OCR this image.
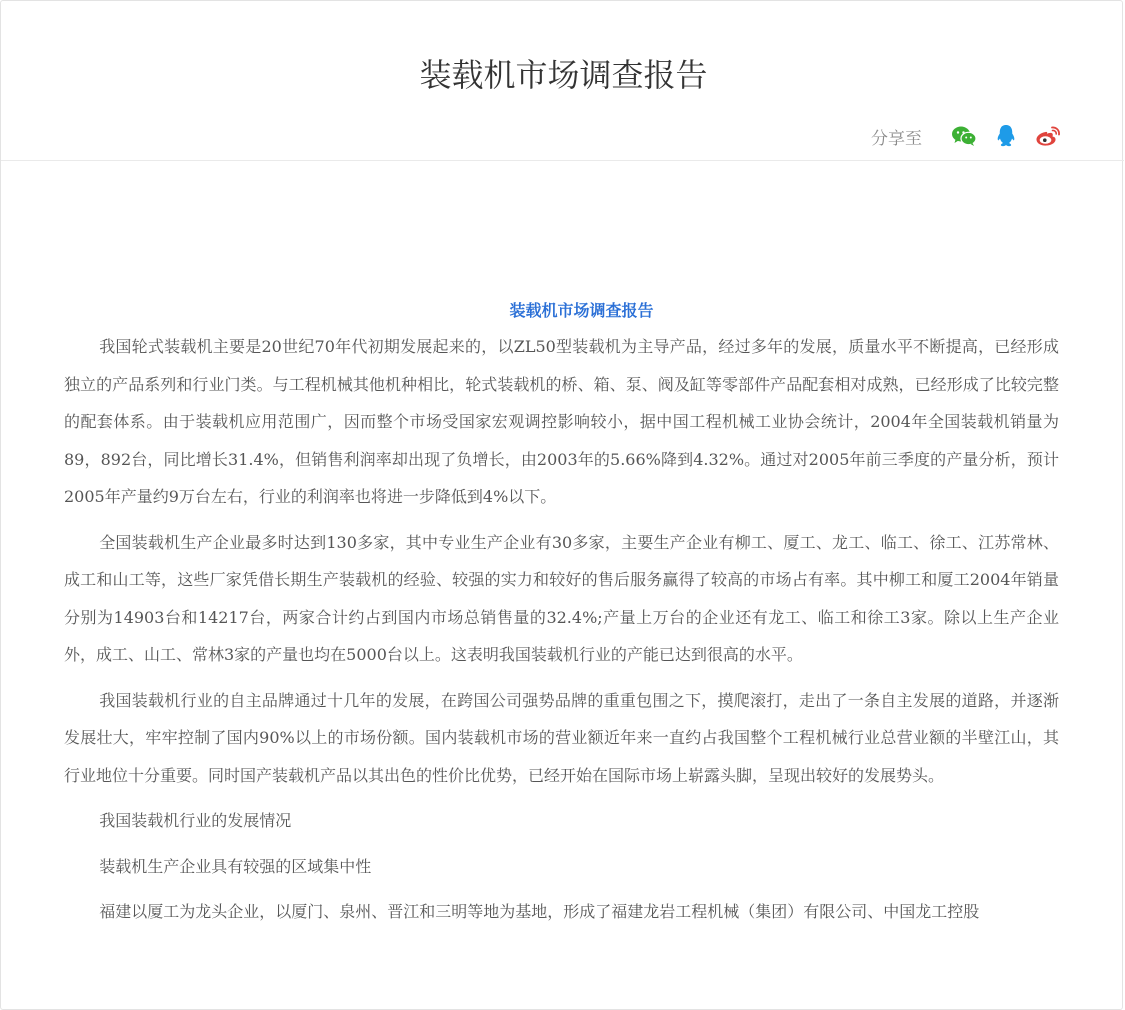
装载机市场调查报告
分享至
装载机市场调查报告

我国轮式装载机主要是20世纪70年代初期发展起来的，以ZL50型装载机为主导产品，经过多年的发展，质量水平不断提高，已经形成独立的产品系列和行业门类。与工程机械其他机种相比，轮式装载机的桥、箱、泵、阀及缸等零部件产品配套相对成熟，已经形成了比较完整的配套体系。由于装载机应用范围广，因而整个市场受国家宏观调控影响较小，据中国工程机械工业协会统计，2004年全国装载机销量为89，892台，同比增长31.4%，但销售利润率却出现了负增长，由2003年的5.66%降到4.32%。通过对2005年前三季度的产量分析，预计2005年产量约9万台左右，行业的利润率也将进一步降低到4%以下。

全国装载机生产企业最多时达到130多家，其中专业生产企业有30多家，主要生产企业有柳工、厦工、龙工、临工、徐工、江苏常林、成工和山工等，这些厂家凭借长期生产装载机的经验、较强的实力和较好的售后服务赢得了较高的市场占有率。其中柳工和厦工2004年销量分别为14903台和14217台，两家合计约占到国内市场总销售量的32.4%;产量上万台的企业还有龙工、临工和徐工3家。除以上生产企业外，成工、山工、常林3家的产量也均在5000台以上。这表明我国装载机行业的产能已达到很高的水平。

我国装载机行业的自主品牌通过十几年的发展，在跨国公司强势品牌的重重包围之下，摸爬滚打，走出了一条自主发展的道路，并逐渐发展壮大，牢牢控制了国内90%以上的市场份额。国内装载机市场的营业额近年来一直约占我国整个工程机械行业总营业额的半壁江山，其行业地位十分重要。同时国产装载机产品以其出色的性价比优势，已经开始在国际市场上崭露头脚，呈现出较好的发展势头。

我国装载机行业的发展情况

装载机生产企业具有较强的区域集中性

福建以厦工为龙头企业，以厦门、泉州、晋江和三明等地为基地，形成了福建龙岩工程机械（集团）有限公司、中国龙工控股
